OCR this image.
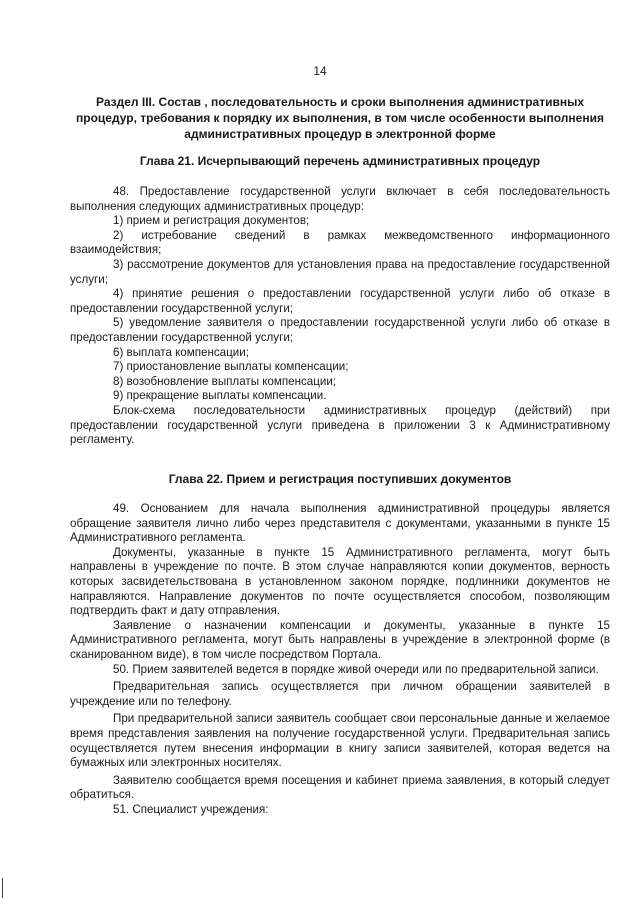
14
Раздел III. Состав , последовательность и сроки выполнения административных процедур, требования к порядку их выполнения, в том числе особенности выполнения административных процедур в электронной форме
Глава 21. Исчерпывающий перечень административных процедур

48. Предоставление государственной услуги включает в себя последовательность выполнения следующих административных процедур:

1) прием и регистрация документов;

2) истребование сведений в рамках межведомственного информационного взаимодействия;

3) рассмотрение документов для установления права на предоставление государственной услуги;

4) принятие решения о предоставлении государственной услуги либо об отказе в предоставлении государственной услуги;

5) уведомление заявителя о предоставлении государственной услуги либо об отказе в предоставлении государственной услуги;

6) выплата компенсации;

7) приостановление выплаты компенсации;

8) возобновление выплаты компенсации;

9) прекращение выплаты компенсации.

Блок-схема последовательности административных процедур (действий) при предоставлении государственной услуги приведена в приложении 3 к Административному регламенту.

Глава 22. Прием и регистрация поступивших документов

49. Основанием для начала выполнения административной процедуры является обращение заявителя лично либо через представителя с документами, указанными в пункте 15 Административного регламента.

Документы, указанные в пункте 15 Административного регламента, могут быть направлены в учреждение по почте. В этом случае направляются копии документов, верность которых засвидетельствована в установленном законом порядке, подлинники документов не направляются. Направление документов по почте осуществляется способом, позволяющим подтвердить факт и дату отправления.

Заявление о назначении компенсации и документы, указанные в пункте 15 Административного регламента, могут быть направлены в учреждение в электронной форме (в сканированном виде), в том числе посредством Портала.

50. Прием заявителей ведется в порядке живой очереди или по предварительной записи.

Предварительная запись осуществляется при личном обращении заявителей в учреждение или по телефону.

При предварительной записи заявитель сообщает свои персональные данные и желаемое время представления заявления на получение государственной услуги. Предварительная запись осуществляется путем внесения информации в книгу записи заявителей, которая ведется на бумажных или электронных носителях.

Заявителю сообщается время посещения и кабинет приема заявления, в который следует обратиться.

51. Специалист учреждения:
